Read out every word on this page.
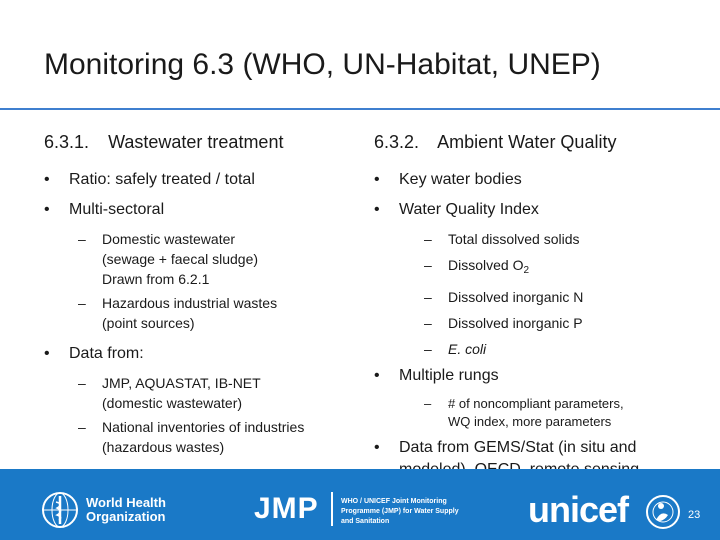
Monitoring 6.3 (WHO, UN-Habitat, UNEP)
6.3.1. Wastewater treatment
• Ratio: safely treated / total
• Multi-sectoral
– Domestic wastewater
(sewage + faecal sludge)
Drawn from 6.2.1
– Hazardous industrial wastes
(point sources)
• Data from:
– JMP, AQUASTAT, IB-NET
(domestic wastewater)
– National inventories of industries
(hazardous wastes)
6.3.2. Ambient Water Quality
• Key water bodies
• Water Quality Index
– Total dissolved solids
– Dissolved $O_2$
– Dissolved inorganic N
– Dissolved inorganic P
– E. coli
• Multiple rungs
– # of noncompliant parameters,
WQ index, more parameters
• Data from GEMS/Stat (in situ and
World Health
Organization	JMP	WHO / UNICEF Joint Monitoring
Programme (JMP) for Water Supply
and Sanitation	unicef	23
